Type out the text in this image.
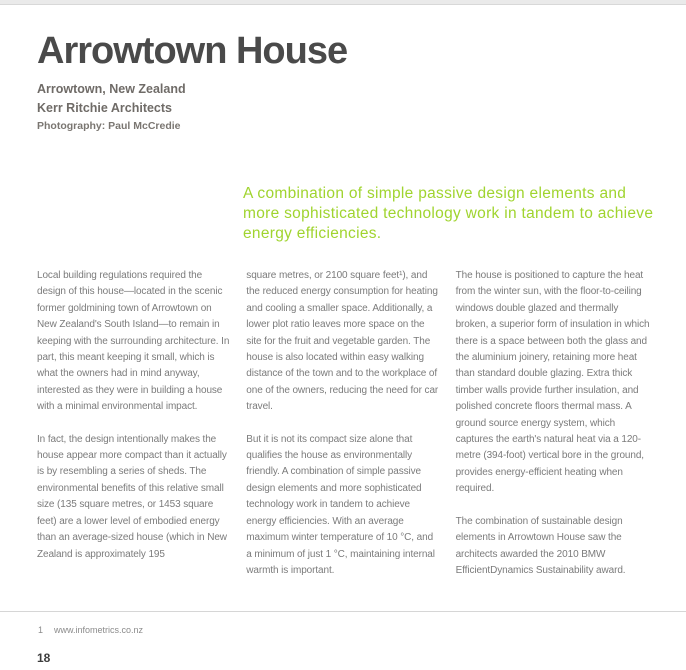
Arrowtown House
Arrowtown, New Zealand
Kerr Ritchie Architects
Photography: Paul McCredie
A combination of simple passive design elements and more sophisticated technology work in tandem to achieve energy efficiencies.

Local building regulations required the design of this house—located in the scenic former goldmining town of Arrowtown on New Zealand's South Island—to remain in keeping with the surrounding architecture. In part, this meant keeping it small, which is what the owners had in mind anyway, interested as they were in building a house with a minimal environmental impact.

In fact, the design intentionally makes the house appear more compact than it actually is by resembling a series of sheds. The environmental benefits of this relative small size (135 square metres, or 1453 square feet) are a lower level of embodied energy than an average-sized house (which in New Zealand is approximately 195

square metres, or 2100 square feet¹), and the reduced energy consumption for heating and cooling a smaller space. Additionally, a lower plot ratio leaves more space on the site for the fruit and vegetable garden. The house is also located within easy walking distance of the town and to the workplace of one of the owners, reducing the need for car travel.

But it is not its compact size alone that qualifies the house as environmentally friendly. A combination of simple passive design elements and more sophisticated technology work in tandem to achieve energy efficiencies. With an average maximum winter temperature of 10 °C, and a minimum of just 1 °C, maintaining internal warmth is important.

The house is positioned to capture the heat from the winter sun, with the floor-to-ceiling windows double glazed and thermally broken, a superior form of insulation in which there is a space between both the glass and the aluminium joinery, retaining more heat than standard double glazing. Extra thick timber walls provide further insulation, and polished concrete floors thermal mass. A ground source energy system, which captures the earth's natural heat via a 120-metre (394-foot) vertical bore in the ground, provides energy-efficient heating when required.

The combination of sustainable design elements in Arrowtown House saw the architects awarded the 2010 BMW EfficientDynamics Sustainability award.

1 www.infometrics.co.nz
18
